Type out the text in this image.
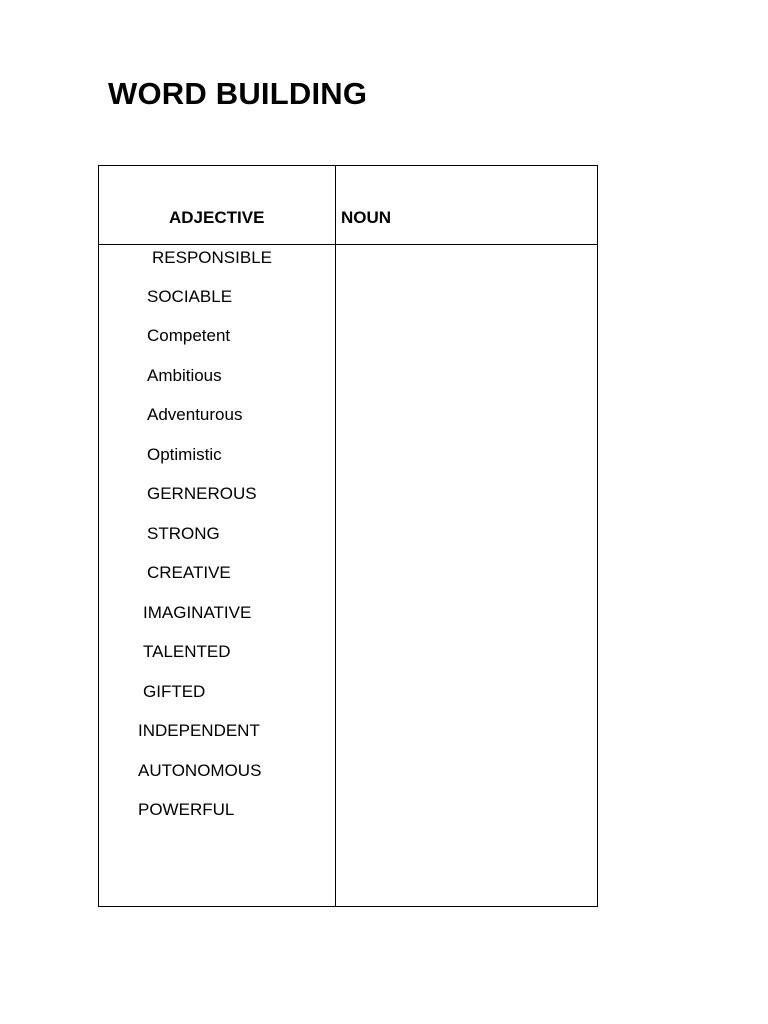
WORD BUILDING
ADJECTIVE	NOUN
RESPONSIBLE
SOCIABLE
Competent
Ambitious
Adventurous
Optimistic
GERNEROUS
STRONG
CREATIVE
IMAGINATIVE
TALENTED
GIFTED
INDEPENDENT
AUTONOMOUS
POWERFUL
